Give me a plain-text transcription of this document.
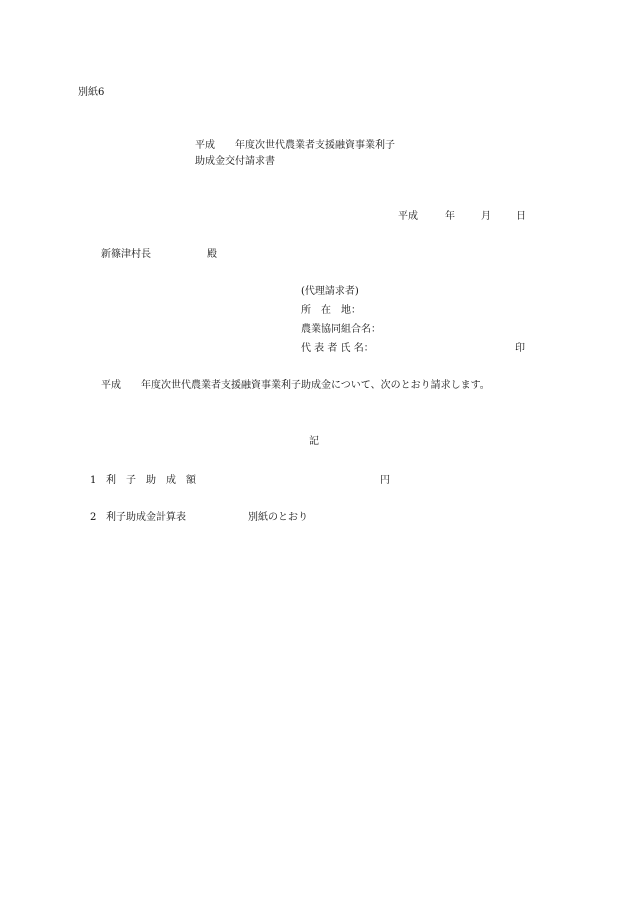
別紙6
平成　　年度次世代農業者支援融資事業利子
助成金交付請求書
平成	年	月	日
新篠津村長	殿
(代理請求者)
所　在　地：
農業協同組合名：
代 表 者 氏 名：	印
平成　　年度次世代農業者支援融資事業利子助成金について、次のとおり請求します。
記
1 利　子　助　成　額	円
2 利子助成金計算表	別紙のとおり
